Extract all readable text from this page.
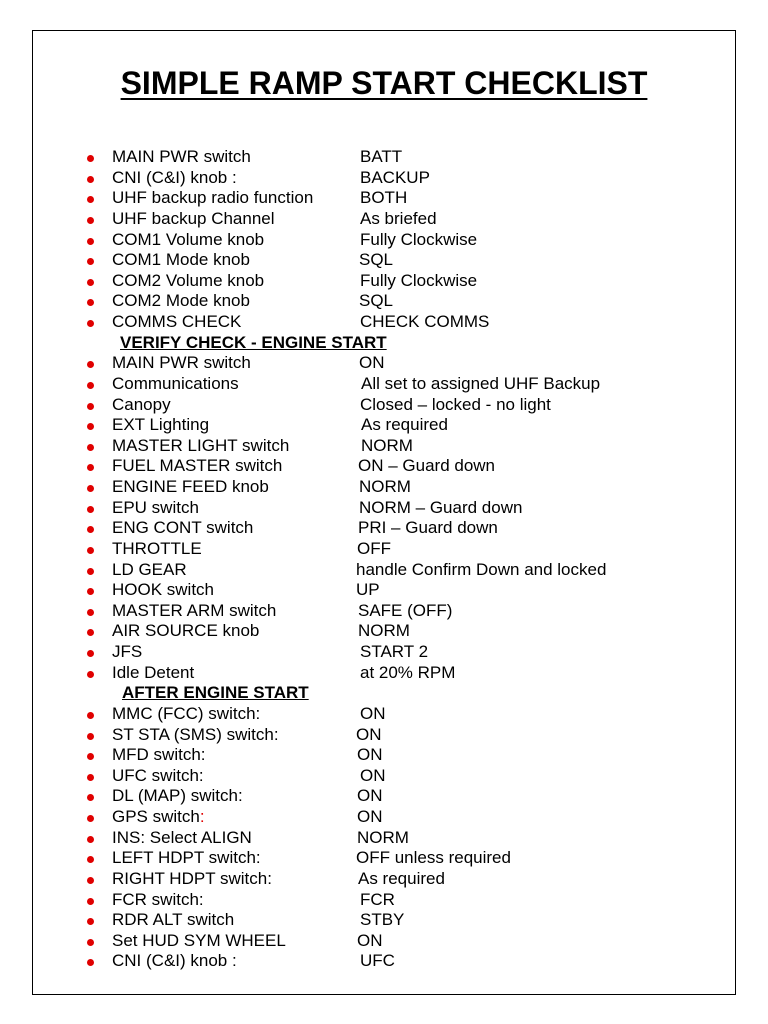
SIMPLE RAMP START CHECKLIST
MAIN PWR switch	BATT
CNI (C&I) knob :	BACKUP
UHF backup radio function	BOTH
UHF backup Channel	As briefed
COM1 Volume knob	Fully Clockwise
COM1 Mode knob	SQL
COM2 Volume knob	Fully Clockwise
COM2 Mode knob	SQL
COMMS CHECK	CHECK COMMS
VERIFY CHECK - ENGINE START
MAIN PWR switch	ON
Communications	All set to assigned UHF Backup
Canopy	Closed – locked - no light
EXT Lighting	As required
MASTER LIGHT switch	NORM
FUEL MASTER switch	ON – Guard down
ENGINE FEED knob	NORM
EPU switch	NORM – Guard down
ENG CONT switch	PRI – Guard down
THROTTLE	OFF
LD GEAR	handle Confirm Down and locked
HOOK switch	UP
MASTER ARM switch	SAFE (OFF)
AIR SOURCE knob	NORM
JFS	START 2
Idle Detent	at 20% RPM
AFTER ENGINE START
MMC (FCC) switch:	ON
ST STA (SMS) switch:	ON
MFD switch:	ON
UFC switch:	ON
DL (MAP) switch:	ON
GPS switch:	ON
INS: Select ALIGN	NORM
LEFT HDPT switch:	OFF unless required
RIGHT HDPT switch:	As required
FCR switch:	FCR
RDR ALT switch	STBY
Set HUD SYM WHEEL	ON
CNI (C&I) knob :	UFC
